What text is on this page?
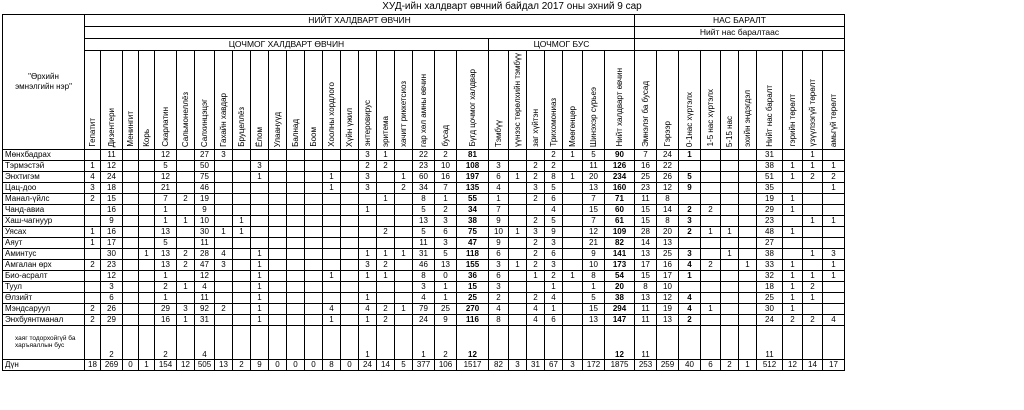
ХУД-ийн халдварт өвчний байдал 2017 оны эхний 9 сар
"Өрхийн эмнэлгийн нэр"	НИЙТ ХАЛДВАРТ ӨВЧИН																												НАС БАРАЛТ									
																													Нийт нас баралтаас									
	ЦОЧМОГ ХАЛДВАРТ ӨВЧИН																					ЦОЧМОГ БУС																

	Гепатит	Дизентери	Менингит	Корь	Скарлатин	Сальмонеллёз	Салхинцэцэг	Гахайн хавдар	Бруцеллёз	Ёлом	Улаануүд	Балнад	Боом	Хоолны хордлого	Хүйн үжил	энтеровирус	эритема	хачигт риккетсиоз	гар хөл амны өвчин	бусад	Бүгд цочмог халдвар	Тэмбүү	үүнээс төрөлхийн тэмбүү	заг хүйтэн	Трихомониаз	Мөөгөнцөр	Шинэхэр сүрьеэ	Нийт халдварт өвчин	Эмнэлэг ба бусад	Гэрээр	0-1нас хүртэлх	1-5 нас хүртэлх	5-15 нас	эхийн эндэгдэл	Нийт нас баралт	гэрийн төрөлт	үзүүлээгүй төрөлт	амьгүй төрөлт

Мөнхбадрах		11			12		27	3								3	1		22	2	81				2	1	5	90	7	24	1				31		1	
Тэрмэстэй	1	12			5		50			3						2	2		23	10	108	3		2	2		11	126	16	22					38	1	1	1
Энхтигэм	4	24			12		75			1				1		3		1	60	16	197	6	1	2	8	1	20	234	25	26	5				51	1	2	2
Цац-доо	3	18			21		46							1		3		2	34	7	135	4		3	5		13	160	23	12	9				35			1
Манал-үйлс	2	15			7	2	19										1		8	1	55	1		2	6		7	71	11	8					19	1		
Чанд-авиа		16			1		9									1			5	2	34	7			4		15	60	15	14	2	2			29	1		
Хаш-чагнуур		9			1	1	10		1										13	3	38	9		2	5		7	61	15	8	3				23		1	1
Уясах	1	16			13		30	1	1								2		5	6	75	10	1	3	9		12	109	28	20	2	1	1		48	1		
Аяут	1	17			5		11												11	3	47	9		2	3		21	82	14	13					27			
Аминтус		30		1	13	2	28	4		1						1	1	1	31	5	118	6		2	6		9	141	13	25	3		1		38		1	3
Амгалан өрх	2	23			13	2	47	3		1						3	2		46	13	155	3	1	2	3		10	173	17	16	4	2		1	33	1		1
Био-асралт		12			1		12			1				1		1	1		8	0	36	6		1	2	1	8	54	15	17	1				32	1	1	1
Туул		3			2	1	4			1									3	1	15	3			1		1	20	8	10					18	1	2	
Өлзийт		6			1		11			1						1			4	1	25	2		2	4		5	38	13	12	4				25	1	1	
Мэндсаруул	2	26			29	3	92	2		1				4		4	2	1	79	25	270	4		4	1		15	294	11	19	4	1			30	1		
Энхбуянтманал	2	29			16	1	31			1				1		1	2		24	9	116	8		4	6		13	147	11	13	2				24	2	2	4
хаяг тодорхойгүй ба харъяаллын бус		2			2		4									1			1	2	12							12	11						11			
Дүн	18	269	0	1	154	12	505	13	2	9	0	0	0	8	0	24	14	5	377	106	1517	82	3	31	67	3	172	1875	253	259	40	6	2	1	512	12	14	17
